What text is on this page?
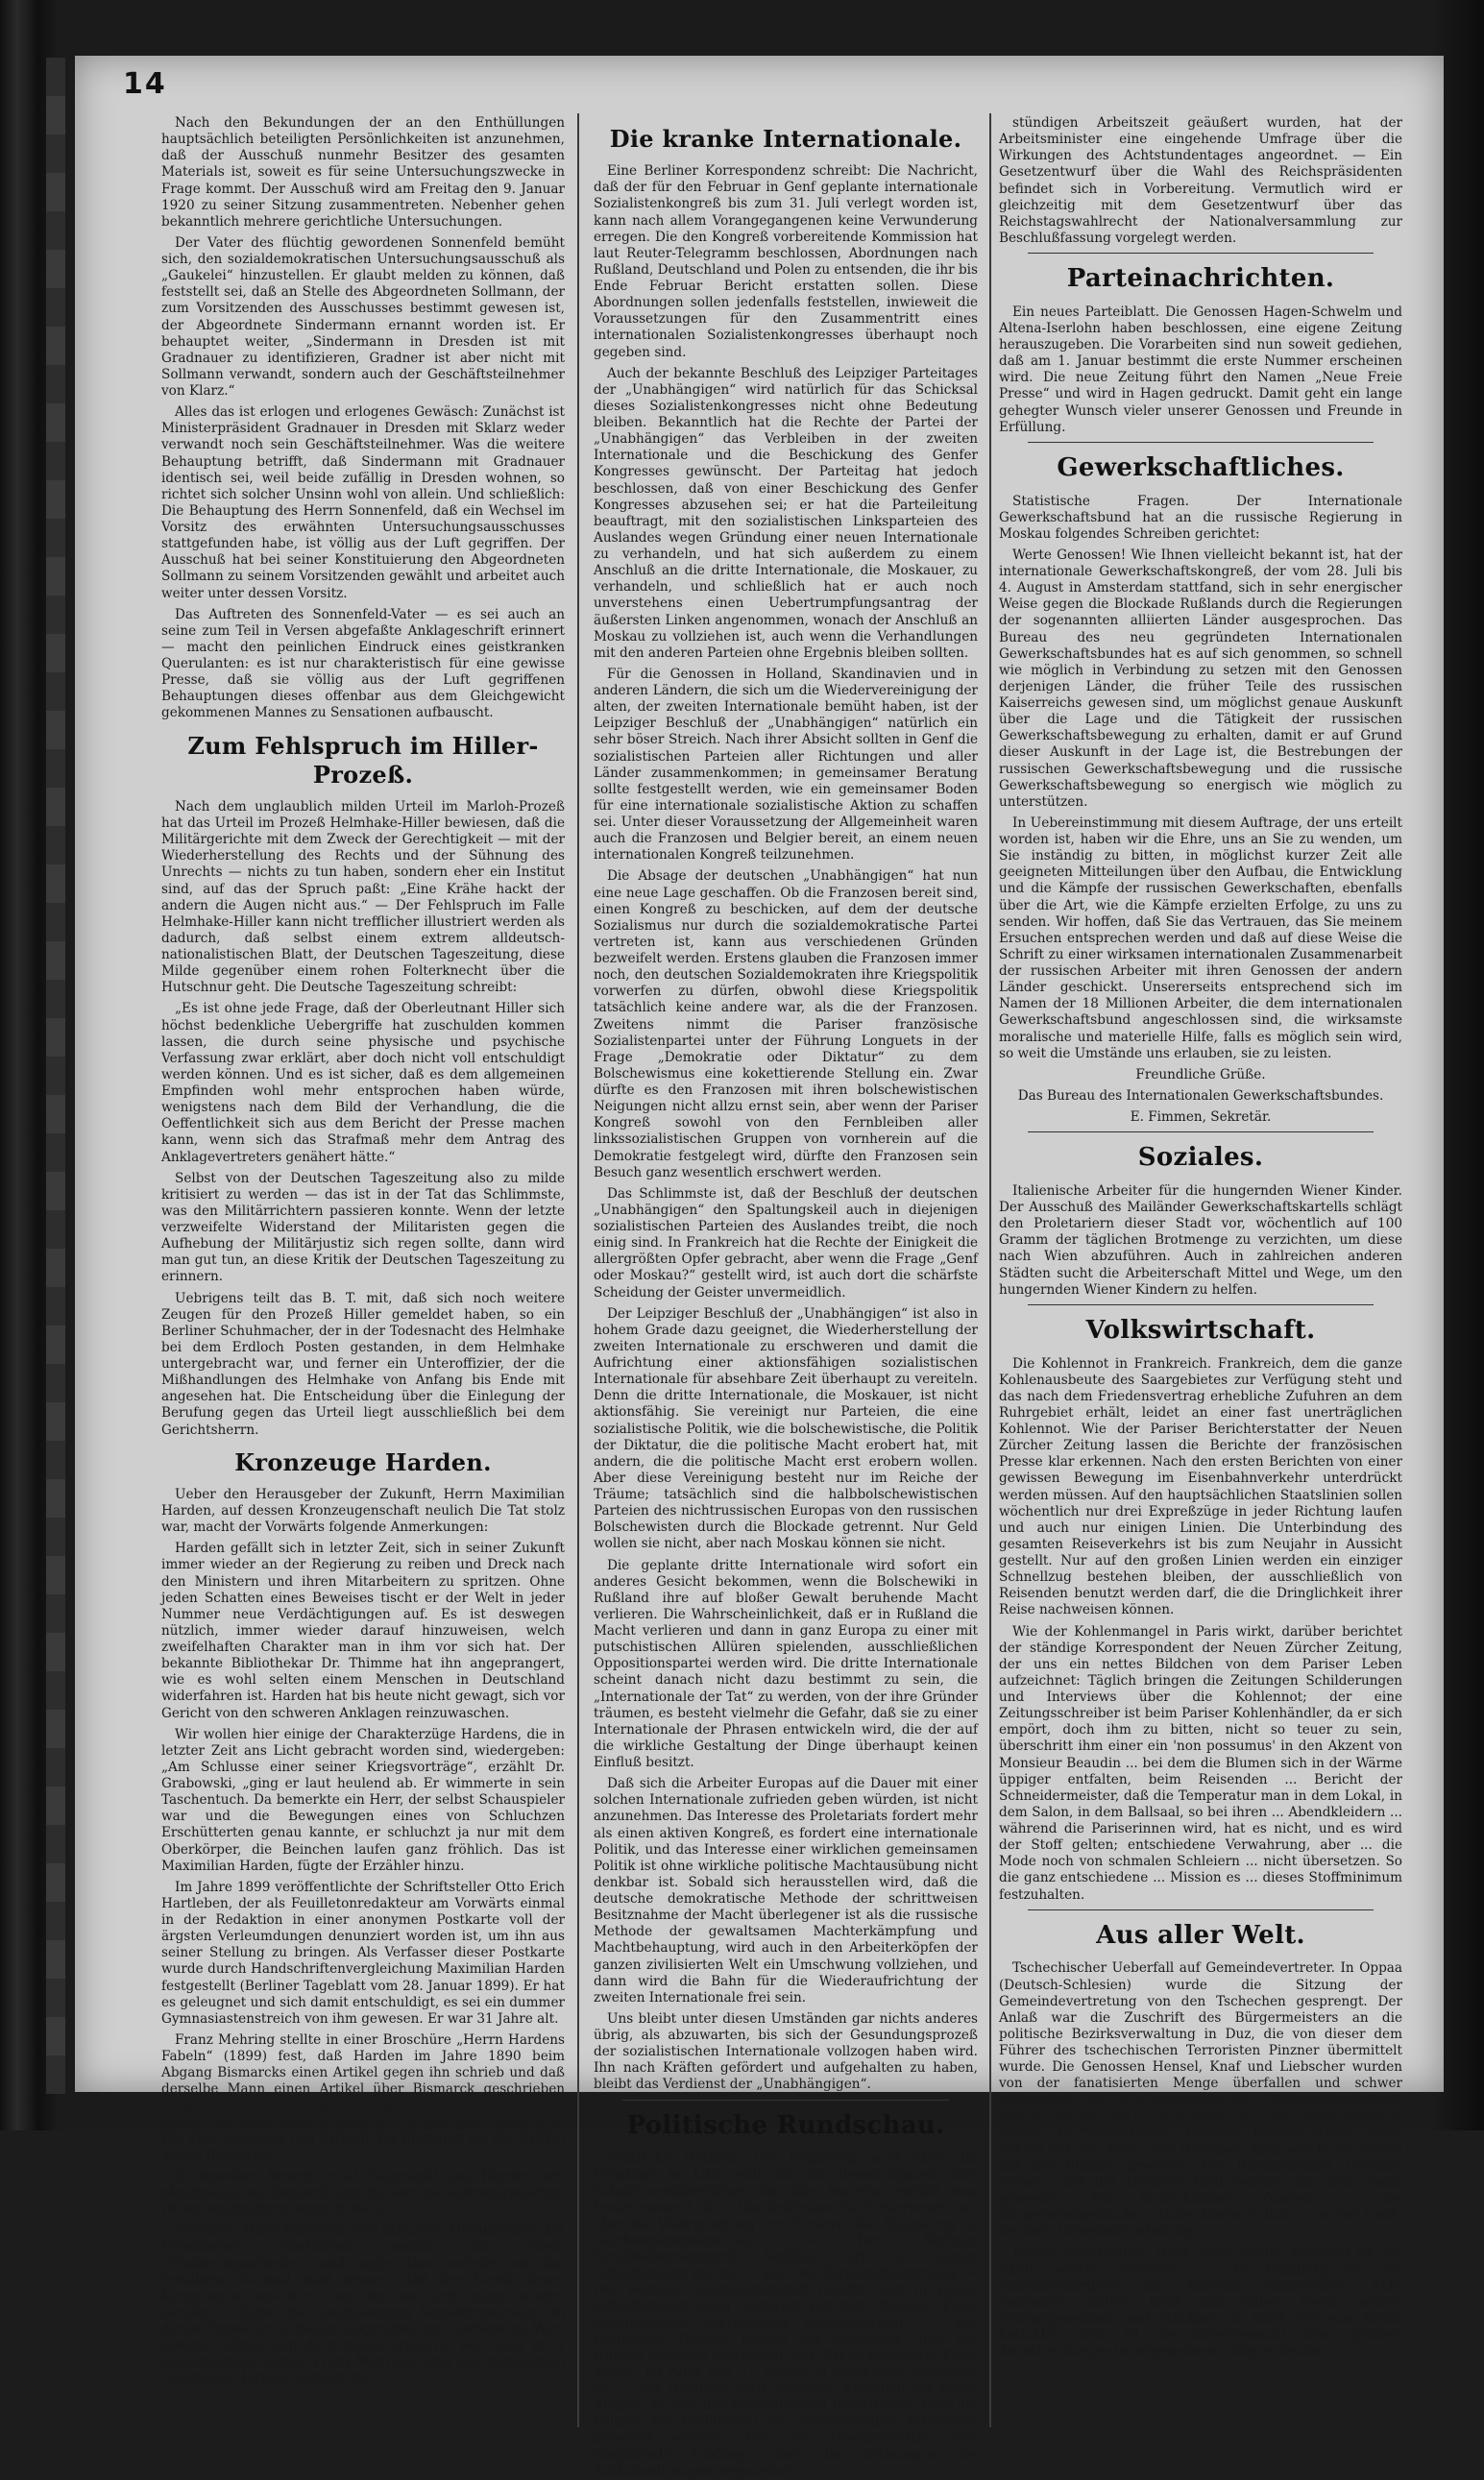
14

Nach den Bekundungen der an den Enthüllungen hauptsächlich beteiligten Persönlichkeiten ist anzunehmen, daß der Ausschuß nunmehr Besitzer des gesamten Materials ist, soweit es für seine Untersuchungszwecke in Frage kommt. Der Ausschuß wird am Freitag den 9. Januar 1920 zu seiner Sitzung zusammentreten. Nebenher gehen bekanntlich mehrere gerichtliche Untersuchungen.

Der Vater des flüchtig gewordenen Sonnenfeld bemüht sich, den sozialdemokratischen Untersuchungsausschuß als „Gaukelei“ hinzustellen. Er glaubt melden zu können, daß feststellt sei, daß an Stelle des Abgeordneten Sollmann, der zum Vorsitzenden des Ausschusses bestimmt gewesen ist, der Abgeordnete Sindermann ernannt worden ist. Er behauptet weiter, „Sindermann in Dresden ist mit Gradnauer zu identifizieren, Gradner ist aber nicht mit Sollmann verwandt, sondern auch der Geschäftsteilnehmer von Klarz.“

Alles das ist erlogen und erlogenes Gewäsch: Zunächst ist Ministerpräsident Gradnauer in Dresden mit Sklarz weder verwandt noch sein Geschäftsteilnehmer. Was die weitere Behauptung betrifft, daß Sindermann mit Gradnauer identisch sei, weil beide zufällig in Dresden wohnen, so richtet sich solcher Unsinn wohl von allein. Und schließlich: Die Behauptung des Herrn Sonnenfeld, daß ein Wechsel im Vorsitz des erwähnten Untersuchungsausschusses stattgefunden habe, ist völlig aus der Luft gegriffen. Der Ausschuß hat bei seiner Konstituierung den Abgeordneten Sollmann zu seinem Vorsitzenden gewählt und arbeitet auch weiter unter dessen Vorsitz.

Das Auftreten des Sonnenfeld-Vater — es sei auch an seine zum Teil in Versen abgefaßte Anklageschrift erinnert — macht den peinlichen Eindruck eines geistkranken Querulanten: es ist nur charakteristisch für eine gewisse Presse, daß sie völlig aus der Luft gegriffenen Behauptungen dieses offenbar aus dem Gleichgewicht gekommenen Mannes zu Sensationen aufbauscht.

Zum Fehlspruch im Hiller-Prozeß.

Nach dem unglaublich milden Urteil im Marloh-Prozeß hat das Urteil im Prozeß Helmhake-Hiller bewiesen, daß die Militärgerichte mit dem Zweck der Gerechtigkeit — mit der Wiederherstellung des Rechts und der Sühnung des Unrechts — nichts zu tun haben, sondern eher ein Institut sind, auf das der Spruch paßt: „Eine Krähe hackt der andern die Augen nicht aus.“ — Der Fehlspruch im Falle Helmhake-Hiller kann nicht trefflicher illustriert werden als dadurch, daß selbst einem extrem alldeutsch-nationalistischen Blatt, der Deutschen Tageszeitung, diese Milde gegenüber einem rohen Folterknecht über die Hutschnur geht. Die Deutsche Tageszeitung schreibt:

„Es ist ohne jede Frage, daß der Oberleutnant Hiller sich höchst bedenkliche Uebergriffe hat zuschulden kommen lassen, die durch seine physische und psychische Verfassung zwar erklärt, aber doch nicht voll entschuldigt werden können. Und es ist sicher, daß es dem allgemeinen Empfinden wohl mehr entsprochen haben würde, wenigstens nach dem Bild der Verhandlung, die die Oeffentlichkeit sich aus dem Bericht der Presse machen kann, wenn sich das Strafmaß mehr dem Antrag des Anklagevertreters genähert hätte.“

Selbst von der Deutschen Tageszeitung also zu milde kritisiert zu werden — das ist in der Tat das Schlimmste, was den Militärrichtern passieren konnte. Wenn der letzte verzweifelte Widerstand der Militaristen gegen die Aufhebung der Militärjustiz sich regen sollte, dann wird man gut tun, an diese Kritik der Deutschen Tageszeitung zu erinnern.

Uebrigens teilt das B. T. mit, daß sich noch weitere Zeugen für den Prozeß Hiller gemeldet haben, so ein Berliner Schuhmacher, der in der Todesnacht des Helmhake bei dem Erdloch Posten gestanden, in dem Helmhake untergebracht war, und ferner ein Unteroffizier, der die Mißhandlungen des Helmhake von Anfang bis Ende mit angesehen hat. Die Entscheidung über die Einlegung der Berufung gegen das Urteil liegt ausschließlich bei dem Gerichtsherrn.

Kronzeuge Harden.

Ueber den Herausgeber der Zukunft, Herrn Maximilian Harden, auf dessen Kronzeugenschaft neulich Die Tat stolz war, macht der Vorwärts folgende Anmerkungen:

Harden gefällt sich in letzter Zeit, sich in seiner Zukunft immer wieder an der Regierung zu reiben und Dreck nach den Ministern und ihren Mitarbeitern zu spritzen. Ohne jeden Schatten eines Beweises tischt er der Welt in jeder Nummer neue Verdächtigungen auf. Es ist deswegen nützlich, immer wieder darauf hinzuweisen, welch zweifelhaften Charakter man in ihm vor sich hat. Der bekannte Bibliothekar Dr. Thimme hat ihn angeprangert, wie es wohl selten einem Menschen in Deutschland widerfahren ist. Harden hat bis heute nicht gewagt, sich vor Gericht von den schweren Anklagen reinzuwaschen.

Wir wollen hier einige der Charakterzüge Hardens, die in letzter Zeit ans Licht gebracht worden sind, wiedergeben: „Am Schlusse einer seiner Kriegsvorträge“, erzählt Dr. Grabowski, „ging er laut heulend ab. Er wimmerte in sein Taschentuch. Da bemerkte ein Herr, der selbst Schauspieler war und die Bewegungen eines von Schluchzen Erschütterten genau kannte, er schluchzt ja nur mit dem Oberkörper, die Beinchen laufen ganz fröhlich. Das ist Maximilian Harden, fügte der Erzähler hinzu.

Im Jahre 1899 veröffentlichte der Schriftsteller Otto Erich Hartleben, der als Feuilletonredakteur am Vorwärts einmal in der Redaktion in einer anonymen Postkarte voll der ärgsten Verleumdungen denunziert worden ist, um ihn aus seiner Stellung zu bringen. Als Verfasser dieser Postkarte wurde durch Handschriftenvergleichung Maximilian Harden festgestellt (Berliner Tageblatt vom 28. Januar 1899). Er hat es geleugnet und sich damit entschuldigt, es sei ein dummer Gymnasiastenstreich von ihm gewesen. Er war 31 Jahre alt.

Franz Mehring stellte in einer Broschüre „Herrn Hardens Fabeln“ (1899) fest, daß Harden im Jahre 1890 beim Abgang Bismarcks einen Artikel gegen ihn schrieb und daß derselbe Mann einen Artikel über Bismarck geschrieben hatte, der von Verehrung und Lobpreisung überfloß, und ihn anonym an einer anderen Stelle aufs ergiebigste verlästerte. Die Zeile zwischen den Artikeln für Bismarck lag der Artikel gegen Bismarck.

In derselben Broschüre ist festgestellt, daß Harden sich gleichzeitig bei Bismarck und bei der sozialdemokratischen Partei anzubiedern versucht hatte.

Professor Hans Delbrück, der bisherige Herausgeber der Preußischen Jahrbücher, nannte ihn einen „Gesinnungsschieber“ und sagte: Das neutrale wie das feindliche Ausland muß wissen, daß der Dunst dieses Kronzeugen umwittert, auf den sie sich immer wieder berufen.... Selbst die unabhängigen Sozialdemokraten, in deren Presse er in diesem Augenblick mit Vorliebe zu Wort kommt, sollten sich doch daran erinnern, wie einer ihrer bedeutendsten Köpfe, Franz Mehring, über die moralischen Qualitäten Hardens gedacht hat.

Die kranke Internationale.

Eine Berliner Korrespondenz schreibt: Die Nachricht, daß der für den Februar in Genf geplante internationale Sozialistenkongreß bis zum 31. Juli verlegt worden ist, kann nach allem Vorangegangenen keine Verwunderung erregen. Die den Kongreß vorbereitende Kommission hat laut Reuter-Telegramm beschlossen, Abordnungen nach Rußland, Deutschland und Polen zu entsenden, die ihr bis Ende Februar Bericht erstatten sollen. Diese Abordnungen sollen jedenfalls feststellen, inwieweit die Voraussetzungen für den Zusammentritt eines internationalen Sozialistenkongresses überhaupt noch gegeben sind.

Auch der bekannte Beschluß des Leipziger Parteitages der „Unabhängigen“ wird natürlich für das Schicksal dieses Sozialistenkongresses nicht ohne Bedeutung bleiben. Bekanntlich hat die Rechte der Partei der „Unabhängigen“ das Verbleiben in der zweiten Internationale und die Beschickung des Genfer Kongresses gewünscht. Der Parteitag hat jedoch beschlossen, daß von einer Beschickung des Genfer Kongresses abzusehen sei; er hat die Parteileitung beauftragt, mit den sozialistischen Linksparteien des Auslandes wegen Gründung einer neuen Internationale zu verhandeln, und hat sich außerdem zu einem Anschluß an die dritte Internationale, die Moskauer, zu verhandeln, und schließlich hat er auch noch unverstehens einen Uebertrumpfungsantrag der äußersten Linken angenommen, wonach der Anschluß an Moskau zu vollziehen ist, auch wenn die Verhandlungen mit den anderen Parteien ohne Ergebnis bleiben sollten.

Für die Genossen in Holland, Skandinavien und in anderen Ländern, die sich um die Wiedervereinigung der alten, der zweiten Internationale bemüht haben, ist der Leipziger Beschluß der „Unabhängigen“ natürlich ein sehr böser Streich. Nach ihrer Absicht sollten in Genf die sozialistischen Parteien aller Richtungen und aller Länder zusammenkommen; in gemeinsamer Beratung sollte festgestellt werden, wie ein gemeinsamer Boden für eine internationale sozialistische Aktion zu schaffen sei. Unter dieser Voraussetzung der Allgemeinheit waren auch die Franzosen und Belgier bereit, an einem neuen internationalen Kongreß teilzunehmen.

Die Absage der deutschen „Unabhängigen“ hat nun eine neue Lage geschaffen. Ob die Franzosen bereit sind, einen Kongreß zu beschicken, auf dem der deutsche Sozialismus nur durch die sozialdemokratische Partei vertreten ist, kann aus verschiedenen Gründen bezweifelt werden. Erstens glauben die Franzosen immer noch, den deutschen Sozialdemokraten ihre Kriegspolitik vorwerfen zu dürfen, obwohl diese Kriegspolitik tatsächlich keine andere war, als die der Franzosen. Zweitens nimmt die Pariser französische Sozialistenpartei unter der Führung Longuets in der Frage „Demokratie oder Diktatur“ zu dem Bolschewismus eine kokettierende Stellung ein. Zwar dürfte es den Franzosen mit ihren bolschewistischen Neigungen nicht allzu ernst sein, aber wenn der Pariser Kongreß sowohl von den Fernbleiben aller linkssozialistischen Gruppen von vornherein auf die Demokratie festgelegt wird, dürfte den Franzosen sein Besuch ganz wesentlich erschwert werden.

Das Schlimmste ist, daß der Beschluß der deutschen „Unabhängigen“ den Spaltungskeil auch in diejenigen sozialistischen Parteien des Auslandes treibt, die noch einig sind. In Frankreich hat die Rechte der Einigkeit die allergrößten Opfer gebracht, aber wenn die Frage „Genf oder Moskau?“ gestellt wird, ist auch dort die schärfste Scheidung der Geister unvermeidlich.

Der Leipziger Beschluß der „Unabhängigen“ ist also in hohem Grade dazu geeignet, die Wiederherstellung der zweiten Internationale zu erschweren und damit die Aufrichtung einer aktionsfähigen sozialistischen Internationale für absehbare Zeit überhaupt zu vereiteln. Denn die dritte Internationale, die Moskauer, ist nicht aktionsfähig. Sie vereinigt nur Parteien, die eine sozialistische Politik, wie die bolschewistische, die Politik der Diktatur, die die politische Macht erobert hat, mit andern, die die politische Macht erst erobern wollen. Aber diese Vereinigung besteht nur im Reiche der Träume; tatsächlich sind die halbbolschewistischen Parteien des nichtrussischen Europas von den russischen Bolschewisten durch die Blockade getrennt. Nur Geld wollen sie nicht, aber nach Moskau können sie nicht.

Die geplante dritte Internationale wird sofort ein anderes Gesicht bekommen, wenn die Bolschewiki in Rußland ihre auf bloßer Gewalt beruhende Macht verlieren. Die Wahrscheinlichkeit, daß er in Rußland die Macht verlieren und dann in ganz Europa zu einer mit putschistischen Allüren spielenden, ausschließlichen Oppositionspartei werden wird. Die dritte Internationale scheint danach nicht dazu bestimmt zu sein, die „Internationale der Tat“ zu werden, von der ihre Gründer träumen, es besteht vielmehr die Gefahr, daß sie zu einer Internationale der Phrasen entwickeln wird, die der auf die wirkliche Gestaltung der Dinge überhaupt keinen Einfluß besitzt.

Daß sich die Arbeiter Europas auf die Dauer mit einer solchen Internationale zufrieden geben würden, ist nicht anzunehmen. Das Interesse des Proletariats fordert mehr als einen aktiven Kongreß, es fordert eine internationale Politik, und das Interesse einer wirklichen gemeinsamen Politik ist ohne wirkliche politische Machtausübung nicht denkbar ist. Sobald sich herausstellen wird, daß die deutsche demokratische Methode der schrittweisen Besitznahme der Macht überlegener ist als die russische Methode der gewaltsamen Machterkämpfung und Machtbehauptung, wird auch in den Arbeiterköpfen der ganzen zivilisierten Welt ein Umschwung vollziehen, und dann wird die Bahn für die Wiederaufrichtung der zweiten Internationale frei sein.

Uns bleibt unter diesen Umständen gar nichts anderes übrig, als abzuwarten, bis sich der Gesundungsprozeß der sozialistischen Internationale vollzogen haben wird. Ihn nach Kräften gefördert und aufgehalten zu haben, bleibt das Verdienst der „Unabhängigen“.

Politische Rundschau.

Politische Notizen. Die Regierung wird über die Vorgänge in Lille während der Besatzungszeit eine Schrift veröffentlichen, die alles Material enthält, was beachtenswert ist. — Das Reichsamt für Steuerwesen soll über die Wahrnehmung von Steuern, die Ergänzung zu Reichseinkommensteuer. — Der Berliner Syndikalistenkongreß befaßte sich in seiner Schlußsitzung mit der Frage, der Körperschaftssteuer. — Der Berliner Sonntagskongreß befaßte sich in seiner Schlußsitzung unter anderem mit dem Namen „Freie Arbeiterunion Deutschlands (Syndikalisten)“. — Die Berlingske Tidende meldet aus Stockholm, daß der frühere deutsche Statthalter von Elsaß-Lothringen, Fürst Wedel, im Alter von 77 Jahren in Stockholm gestorben ist. — Aus Hamburg wird gemeldet: Anläßlich der vielen Klagen, die von den hanseatischen Industriellen über die Folgen der Einführung der achtstündigen Arbeitszeit geäußert wurden, hat der Arbeitsminister eine eingehende Umfrage über die Wirkungen des Achtstundentages angeordnet.

stündigen Arbeitszeit geäußert wurden, hat der Arbeitsminister eine eingehende Umfrage über die Wirkungen des Achtstundentages angeordnet. — Ein Gesetzentwurf über die Wahl des Reichspräsidenten befindet sich in Vorbereitung. Vermutlich wird er gleichzeitig mit dem Gesetzentwurf über das Reichstagswahlrecht der Nationalversammlung zur Beschlußfassung vorgelegt werden.

Parteinachrichten.

Ein neues Parteiblatt. Die Genossen Hagen-Schwelm und Altena-Iserlohn haben beschlossen, eine eigene Zeitung herauszugeben. Die Vorarbeiten sind nun soweit gediehen, daß am 1. Januar bestimmt die erste Nummer erscheinen wird. Die neue Zeitung führt den Namen „Neue Freie Presse“ und wird in Hagen gedruckt. Damit geht ein lange gehegter Wunsch vieler unserer Genossen und Freunde in Erfüllung.

Gewerkschaftliches.

Statistische Fragen. Der Internationale Gewerkschaftsbund hat an die russische Regierung in Moskau folgendes Schreiben gerichtet:

Werte Genossen! Wie Ihnen vielleicht bekannt ist, hat der internationale Gewerkschaftskongreß, der vom 28. Juli bis 4. August in Amsterdam stattfand, sich in sehr energischer Weise gegen die Blockade Rußlands durch die Regierungen der sogenannten alliierten Länder ausgesprochen. Das Bureau des neu gegründeten Internationalen Gewerkschaftsbundes hat es auf sich genommen, so schnell wie möglich in Verbindung zu setzen mit den Genossen derjenigen Länder, die früher Teile des russischen Kaiserreichs gewesen sind, um möglichst genaue Auskunft über die Lage und die Tätigkeit der russischen Gewerkschaftsbewegung zu erhalten, damit er auf Grund dieser Auskunft in der Lage ist, die Bestrebungen der russischen Gewerkschaftsbewegung und die russische Gewerkschaftsbewegung so energisch wie möglich zu unterstützen.

In Uebereinstimmung mit diesem Auftrage, der uns erteilt worden ist, haben wir die Ehre, uns an Sie zu wenden, um Sie inständig zu bitten, in möglichst kurzer Zeit alle geeigneten Mitteilungen über den Aufbau, die Entwicklung und die Kämpfe der russischen Gewerkschaften, ebenfalls über die Art, wie die Kämpfe erzielten Erfolge, zu uns zu senden. Wir hoffen, daß Sie das Vertrauen, das Sie meinem Ersuchen entsprechen werden und daß auf diese Weise die Schrift zu einer wirksamen internationalen Zusammenarbeit der russischen Arbeiter mit ihren Genossen der andern Länder geschickt. Unsererseits entsprechend sich im Namen der 18 Millionen Arbeiter, die dem internationalen Gewerkschaftsbund angeschlossen sind, die wirksamste moralische und materielle Hilfe, falls es möglich sein wird, so weit die Umstände uns erlauben, sie zu leisten.

Freundliche Grüße.

Das Bureau des Internationalen Gewerkschaftsbundes.

E. Fimmen, Sekretär.

Soziales.

Italienische Arbeiter für die hungernden Wiener Kinder. Der Ausschuß des Mailänder Gewerkschaftskartells schlägt den Proletariern dieser Stadt vor, wöchentlich auf 100 Gramm der täglichen Brotmenge zu verzichten, um diese nach Wien abzuführen. Auch in zahlreichen anderen Städten sucht die Arbeiterschaft Mittel und Wege, um den hungernden Wiener Kindern zu helfen.

Volkswirtschaft.

Die Kohlennot in Frankreich. Frankreich, dem die ganze Kohlenausbeute des Saargebietes zur Verfügung steht und das nach dem Friedensvertrag erhebliche Zufuhren an dem Ruhrgebiet erhält, leidet an einer fast unerträglichen Kohlennot. Wie der Pariser Berichterstatter der Neuen Zürcher Zeitung lassen die Berichte der französischen Presse klar erkennen. Nach den ersten Berichten von einer gewissen Bewegung im Eisenbahnverkehr unterdrückt werden müssen. Auf den hauptsächlichen Staatslinien sollen wöchentlich nur drei Expreßzüge in jeder Richtung laufen und auch nur einigen Linien. Die Unterbindung des gesamten Reiseverkehrs ist bis zum Neujahr in Aussicht gestellt. Nur auf den großen Linien werden ein einziger Schnellzug bestehen bleiben, der ausschließlich von Reisenden benutzt werden darf, die die Dringlichkeit ihrer Reise nachweisen können.

Wie der Kohlenmangel in Paris wirkt, darüber berichtet der ständige Korrespondent der Neuen Zürcher Zeitung, der uns ein nettes Bildchen von dem Pariser Leben aufzeichnet: Täglich bringen die Zeitungen Schilderungen und Interviews über die Kohlennot; der eine Zeitungsschreiber ist beim Pariser Kohlenhändler, da er sich empört, doch ihm zu bitten, nicht so teuer zu sein, überschritt ihm einer ein 'non possumus' in den Akzent von Monsieur Beaudin ... bei dem die Blumen sich in der Wärme üppiger entfalten, beim Reisenden ... Bericht der Schneidermeister, daß die Temperatur man in dem Lokal, in dem Salon, in dem Ballsaal, so bei ihren ... Abendkleidern ... während die Pariserinnen wird, hat es nicht, und es wird der Stoff gelten; entschiedene Verwahrung, aber ... die Mode noch von schmalen Schleiern ... nicht übersetzen. So die ganz entschiedene ... Mission es ... dieses Stoffminimum festzuhalten.

Aus aller Welt.

Tschechischer Ueberfall auf Gemeindevertreter. In Oppaa (Deutsch-Schlesien) wurde die Sitzung der Gemeindevertretung von den Tschechen gesprengt. Der Anlaß war die Zuschrift des Bürgermeisters an die politische Bezirksverwaltung in Duz, die von dieser dem Führer des tschechischen Terroristen Pinzner übermittelt wurde. Die Genossen Hensel, Knaf und Liebscher wurden von der fanatisierten Menge überfallen und schwer mißhandelt. Im Sitzungszimmer der Gemeindevertretung kam es, als von den tschechischen Zuhörern Radau gemacht wurde, zu Tätlichkeiten. Genosse Hensel erhielt einen Schlag auf den Kopf, dem Genossen Knaf wurde ein Sessel auf den Rücken geworfen. Der Bürgermeister, Genosse Hensel, und der Genosse Knaf wurden aus dem Saale geworfen. Die tschechischen Zuhörer ... das Bürgerschulgebäude ... tschechische Schule ... in eine Groß-Berliner Gemeindevertretung.

Kleine Nachrichten. Nach einer Kölner Meldung ist der Rhein weiter gestiegen. — In Hamburg ist der Passagierdampfer aus Amerika eingetroffen. Acht Passagiere hatten Gold und Silber sowie andere Wertgegenstände und Stückgut an Bord. Wie aus Berlin berichtet wird, ist die Silvesternacht ohne größere Ausschreitungen im allgemeinen ruhig verlaufen.
